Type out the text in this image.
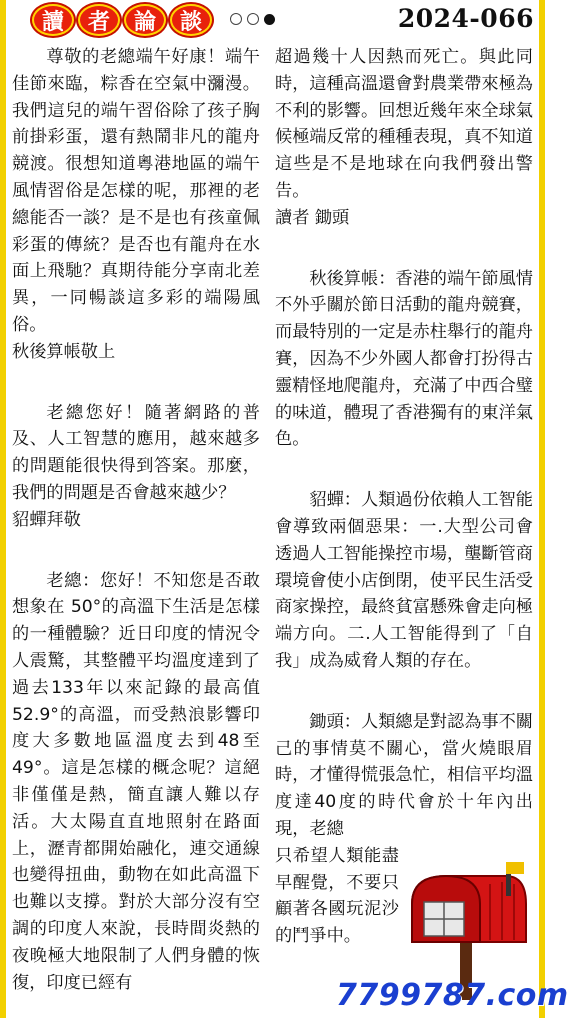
讀	者	論	談	2024-066

尊敬的老總端午好康！端午佳節來臨，粽香在空氣中瀰漫。我們這兒的端午習俗除了孩子胸前掛彩蛋，還有熱鬧非凡的龍舟競渡。很想知道粵港地區的端午風情習俗是怎樣的呢，那裡的老總能否一談？是不是也有孩童佩彩蛋的傳統？是否也有龍舟在水面上飛馳？真期待能分享南北差異，一同暢談這多彩的端陽風俗。

秋後算帳敬上

老總您好！隨著網路的普及、人工智慧的應用，越來越多的問題能很快得到答案。那麼，我們的問題是否會越來越少？

貂蟬拜敬

老總：您好！不知您是否敢想象在 50°的高溫下生活是怎樣的一種體驗？近日印度的情況令人震驚，其整體平均溫度達到了過去133年以來記錄的最高值52.9°的高溫，而受熱浪影響印度大多數地區溫度去到48至49°。這是怎樣的概念呢？這絕非僅僅是熱，簡直讓人難以存活。大太陽直直地照射在路面上，瀝青都開始融化，連交通線也變得扭曲，動物在如此高溫下也難以支撐。對於大部分沒有空調的印度人來說，長時間炎熱的夜晚極大地限制了人們身體的恢復，印度已經有

超過幾十人因熱而死亡。與此同時，這種高溫還會對農業帶來極為不利的影響。回想近幾年來全球氣候極端反常的種種表現，真不知道這些是不是地球在向我們發出警告。

讀者 鋤頭

秋後算帳：香港的端午節風情不外乎關於節日活動的龍舟競賽，而最特別的一定是赤柱舉行的龍舟賽，因為不少外國人都會打扮得古靈精怪地爬龍舟，充滿了中西合璧的味道，體現了香港獨有的東洋氣色。

貂蟬：人類過份依賴人工智能會導致兩個惡果：一.大型公司會透過人工智能操控市場，壟斷管商環境會使小店倒閉，使平民生活受商家操控，最終貧富懸殊會走向極端方向。二.人工智能得到了「自我」成為威脅人類的存在。

鋤頭：人類總是對認為事不關己的事情莫不關心，當火燒眼眉時，才懂得慌張急忙，相信平均溫度達40度的時代會於十年內出現，老總

只希望人類能盡早醒覺，不要只顧著各國玩泥沙的鬥爭中。

7799787.com
